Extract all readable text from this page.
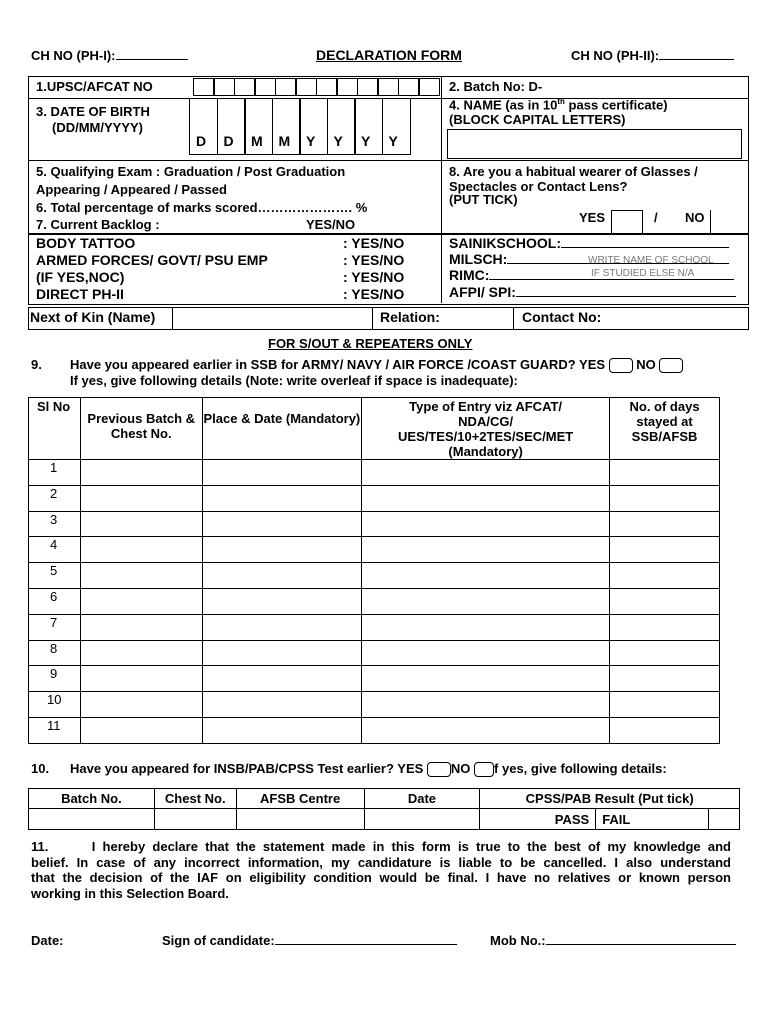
CH NO (PH-I):	DECLARATION FORM	CH NO (PH-II):
1.UPSC/AFCAT NO	2. Batch No: D-
3. DATE OF BIRTH
(DD/MM/YYYY)
D D M M Y Y Y Y
4. NAME (as in 10th pass certificate)
(BLOCK CAPITAL LETTERS)
5. Qualifying Exam : Graduation / Post Graduation
Appearing / Appeared / Passed
6. Total percentage of marks scored…………………. %
7. Current Backlog :	YES/NO
8. Are you a habitual wearer of Glasses /
Spectacles or Contact Lens?
(PUT TICK)
YES	/ NO
BODY TATTOO	: YES/NO
ARMED FORCES/ GOVT/ PSU EMP	: YES/NO
(IF YES,NOC)	: YES/NO
DIRECT PH-II	: YES/NO
SAINIKSCHOOL:
MILSCH:
RIMC:
AFPI/ SPI:
WRITE NAME OF SCHOOL
IF STUDIED ELSE N/A
Next of Kin (Name)	Relation:	Contact No:
FOR S/OUT & REPEATERS ONLY
9. Have you appeared earlier in SSB for ARMY/ NAVY / AIR FORCE /COAST GUARD? YES NO
If yes, give following details (Note: write overleaf if space is inadequate):
Sl No	Previous Batch & Chest No.	Place & Date (Mandatory)	Type of Entry viz AFCAT/ NDA/CG/ UES/TES/10+2TES/SEC/MET (Mandatory)	No. of days stayed at SSB/AFSB
1				
2				
3				
4				
5				
6				
7				
8				
9				
10				
11				
10. Have you appeared for INSB/PAB/CPSS Test earlier? YES NO f yes, give following details:
Batch No.	Chest No.	AFSB Centre	Date	CPSS/PAB Result (Put tick)		
				PASS	FAIL	
11.	I hereby declare that the statement made in this form is true to the best of my knowledge and
belief. In case of any incorrect information, my candidature is liable to be cancelled. I also understand
that the decision of the IAF on eligibility condition would be final. I have no relatives or known person
working in this Selection Board.
Date:	Sign of candidate:	Mob No.:
